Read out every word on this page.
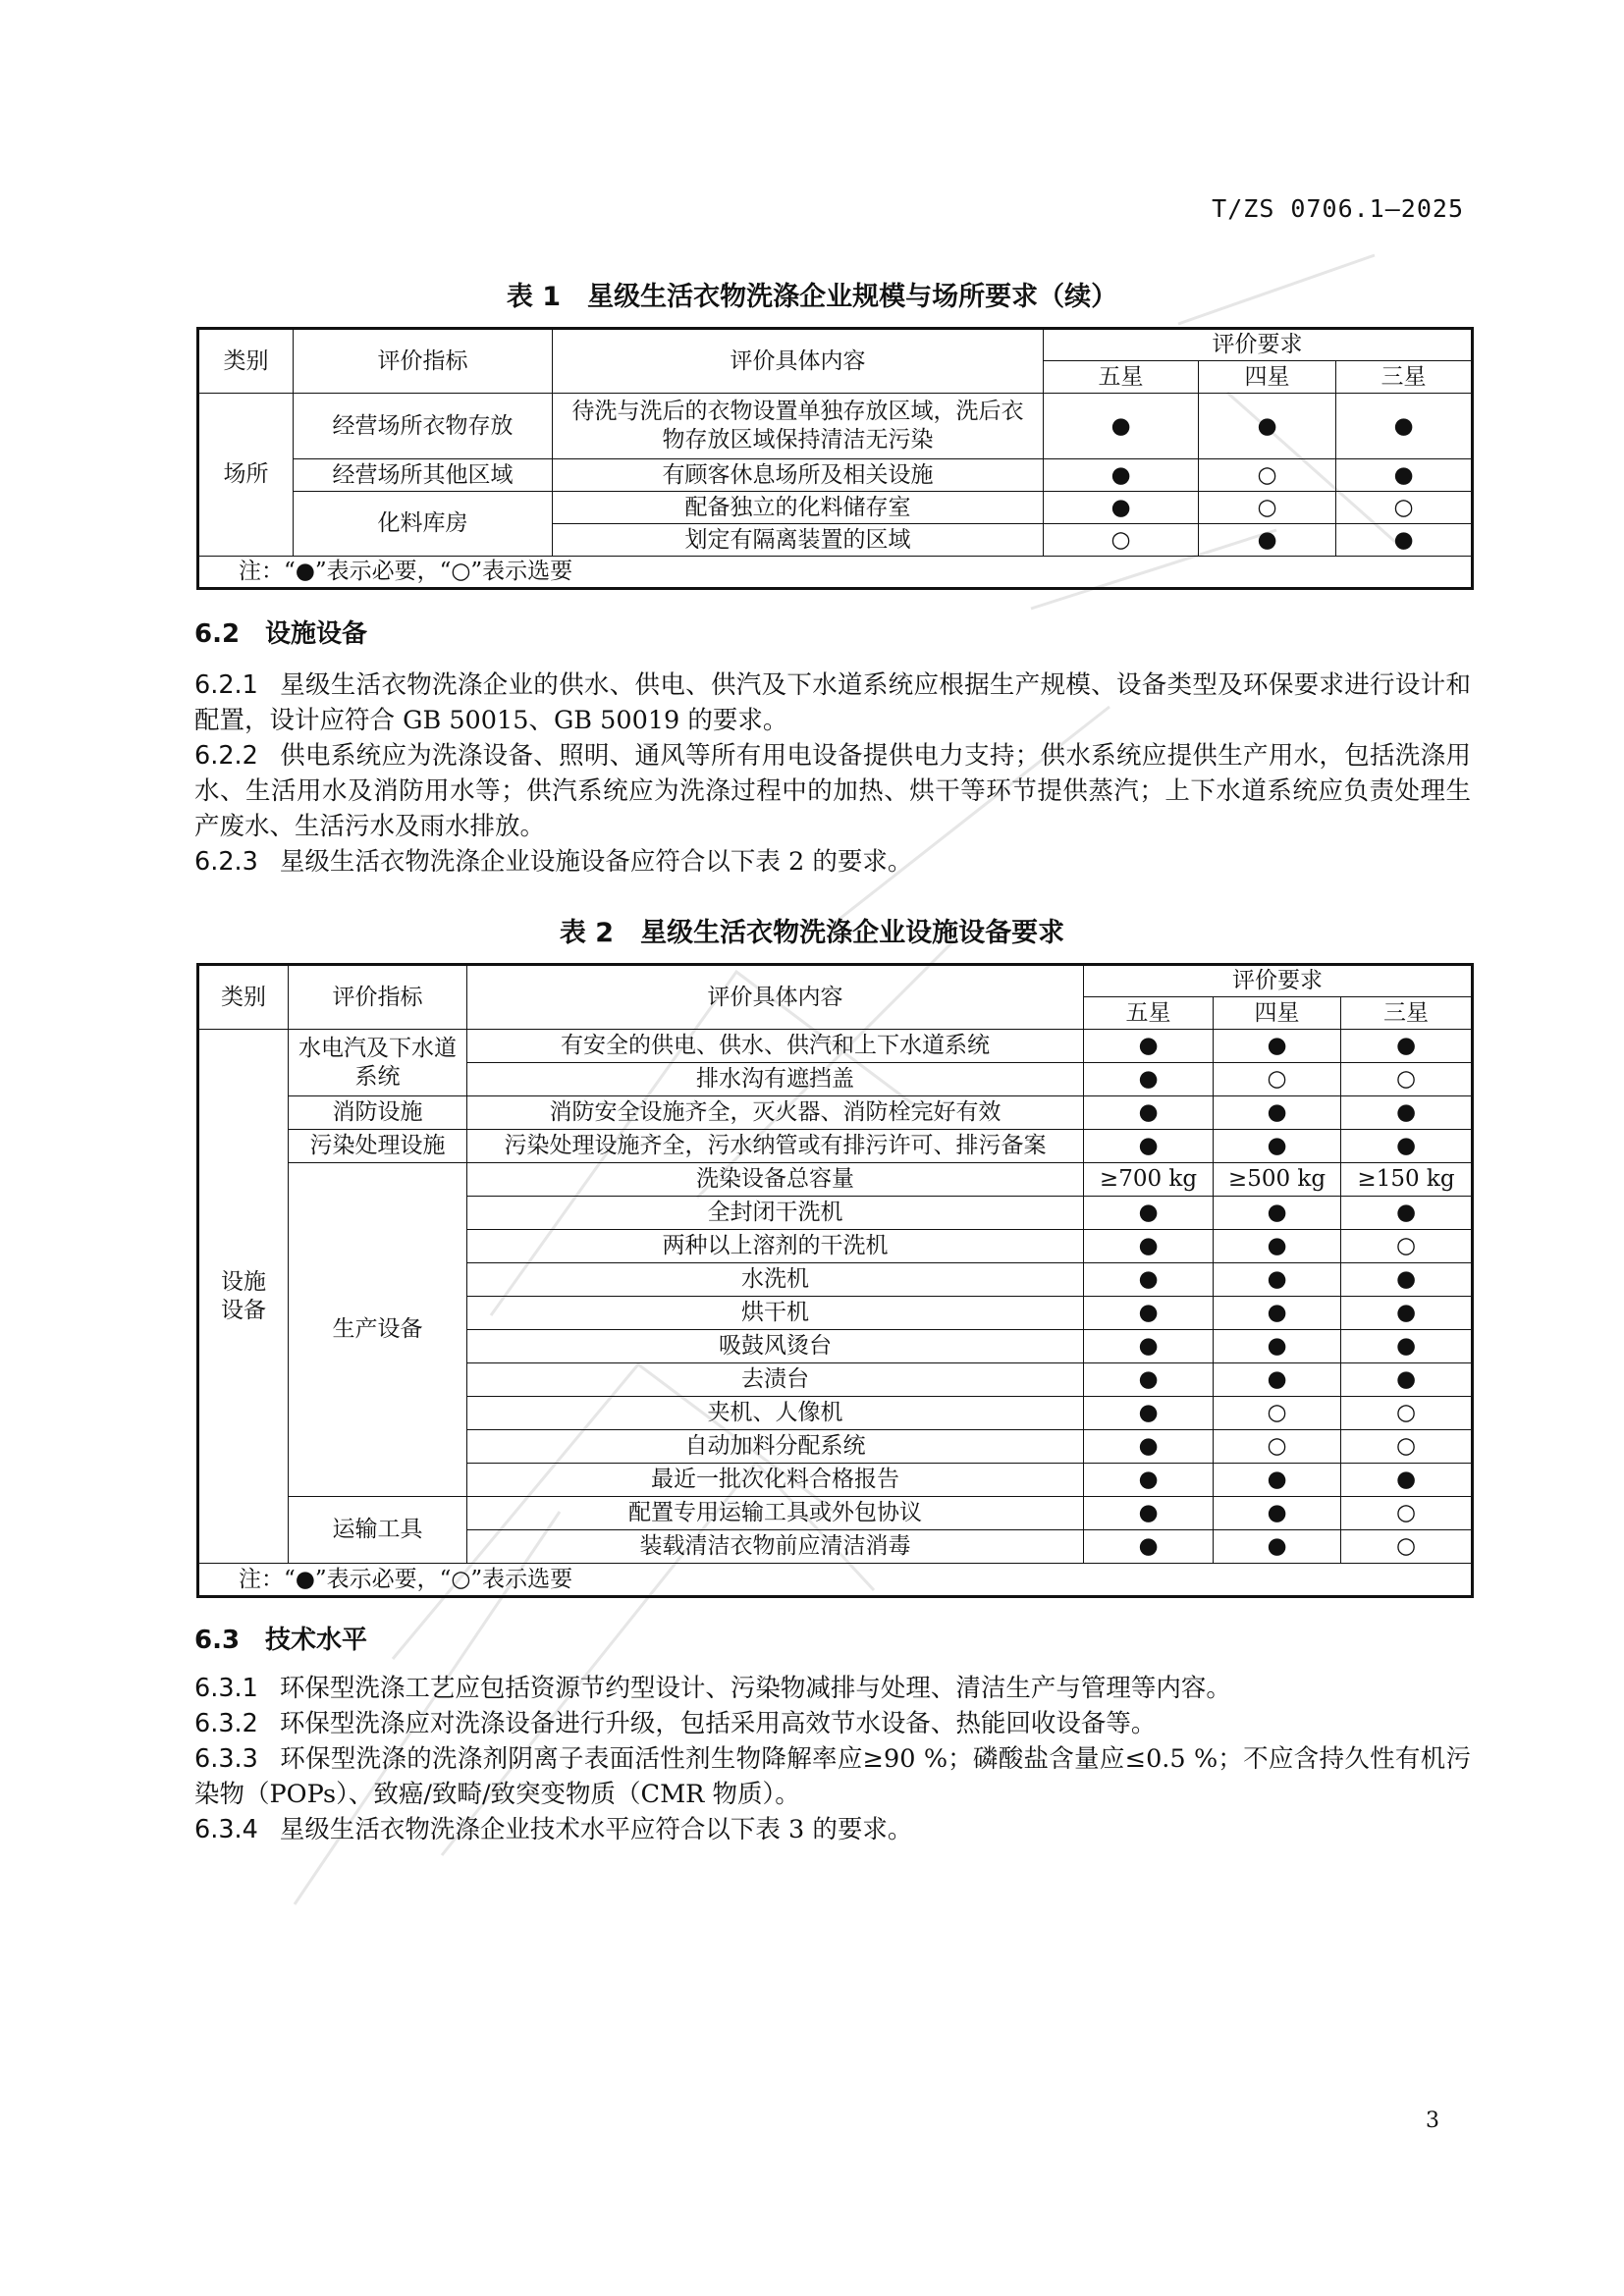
T/ZS 0706.1—2025
表 1　星级生活衣物洗涤企业规模与场所要求（续）
类别	评价指标	评价具体内容	评价要求		
			五星	四星	三星
场所	经营场所衣物存放	待洗与洗后的衣物设置单独存放区域，洗后衣物存放区域保持清洁无污染	●	●	●
	经营场所其他区域	有顾客休息场所及相关设施	●	○	●
	化料库房	配备独立的化料储存室	●	○	○
		划定有隔离装置的区域	○	●	●
注：“●”表示必要，“○”表示选要					
6.2　设施设备
6.2.1 星级生活衣物洗涤企业的供水、供电、供汽及下水道系统应根据生产规模、设备类型及环保要求进行设计和配置，设计应符合 GB 50015、GB 50019 的要求。
6.2.2 供电系统应为洗涤设备、照明、通风等所有用电设备提供电力支持；供水系统应提供生产用水，包括洗涤用水、生活用水及消防用水等；供汽系统应为洗涤过程中的加热、烘干等环节提供蒸汽；上下水道系统应负责处理生产废水、生活污水及雨水排放。
6.2.3 星级生活衣物洗涤企业设施设备应符合以下表 2 的要求。
表 2　星级生活衣物洗涤企业设施设备要求
类别	评价指标	评价具体内容	评价要求		
			五星	四星	三星
设施设备	水电汽及下水道系统	有安全的供电、供水、供汽和上下水道系统	●	●	●
		排水沟有遮挡盖	●	○	○
	消防设施	消防安全设施齐全，灭火器、消防栓完好有效	●	●	●
	污染处理设施	污染处理设施齐全，污水纳管或有排污许可、排污备案	●	●	●
	生产设备	洗染设备总容量	≥700 kg	≥500 kg	≥150 kg
		全封闭干洗机	●	●	●
		两种以上溶剂的干洗机	●	●	○
		水洗机	●	●	●
		烘干机	●	●	●
		吸鼓风烫台	●	●	●
		去渍台	●	●	●
		夹机、人像机	●	○	○
		自动加料分配系统	●	○	○
		最近一批次化料合格报告	●	●	●
	运输工具	配置专用运输工具或外包协议	●	●	○
		装载清洁衣物前应清洁消毒	●	●	○
注：“●”表示必要，“○”表示选要					
6.3　技术水平
6.3.1 环保型洗涤工艺应包括资源节约型设计、污染物减排与处理、清洁生产与管理等内容。
6.3.2 环保型洗涤应对洗涤设备进行升级，包括采用高效节水设备、热能回收设备等。
6.3.3 环保型洗涤的洗涤剂阴离子表面活性剂生物降解率应≥90 %；磷酸盐含量应≤0.5 %；不应含持久性有机污染物（POPs）、致癌/致畸/致突变物质（CMR 物质）。
6.3.4 星级生活衣物洗涤企业技术水平应符合以下表 3 的要求。
3
